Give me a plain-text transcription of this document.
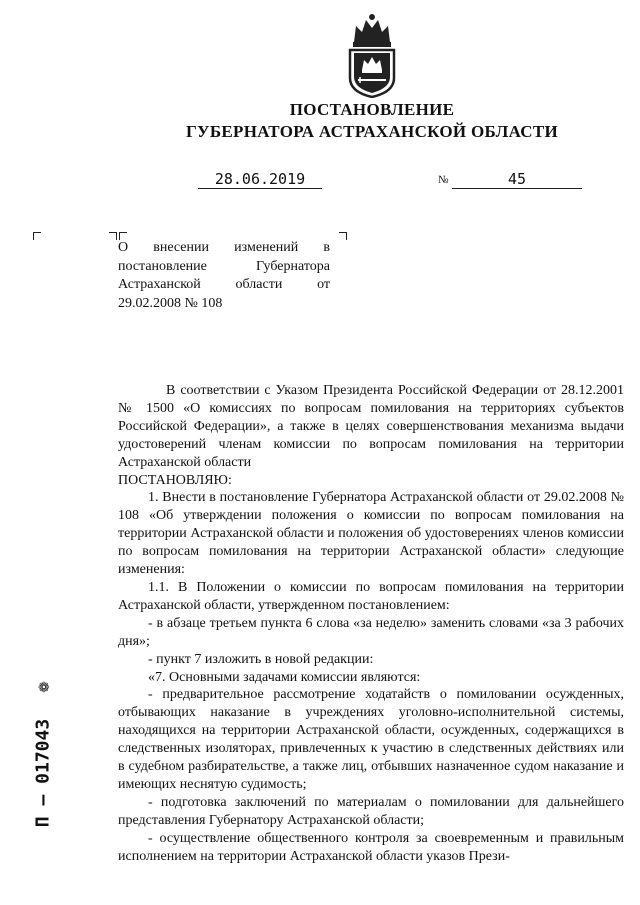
ПОСТАНОВЛЕНИЕ
ГУБЕРНАТОРА АСТРАХАНСКОЙ ОБЛАСТИ
28.06.2019	№	45
О внесении изменений в постановление Губернатора Астраханской области от 29.02.2008 № 108

В соответствии с Указом Президента Российской Федерации от 28.12.2001 № 1500 «О комиссиях по вопросам помилования на территориях субъектов Российской Федерации», а также в целях совершенствования механизма выдачи удостоверений членам комиссии по вопросам помилования на территории Астраханской области

ПОСТАНОВЛЯЮ:

1. Внести в постановление Губернатора Астраханской области от 29.02.2008 № 108 «Об утверждении положения о комиссии по вопросам помилования на территории Астраханской области и положения об удостоверениях членов комиссии по вопросам помилования на территории Астраханской области» следующие изменения:

1.1. В Положении о комиссии по вопросам помилования на территории Астраханской области, утвержденном постановлением:

- в абзаце третьем пункта 6 слова «за неделю» заменить словами «за 3 рабочих дня»;

- пункт 7 изложить в новой редакции:

«7. Основными задачами комиссии являются:

- предварительное рассмотрение ходатайств о помиловании осужденных, отбывающих наказание в учреждениях уголовно-исполнительной системы, находящихся на территории Астраханской области, осужденных, содержащихся в следственных изоляторах, привлеченных к участию в следственных действиях или в судебном разбирательстве, а также лиц, отбывших назначенное судом наказание и имеющих неснятую судимость;

- подготовка заключений по материалам о помиловании для дальнейшего представления Губернатору Астраханской области;

- осуществление общественного контроля за своевременным и правильным исполнением на территории Астраханской области указов Прези-

❁
П – 017043
